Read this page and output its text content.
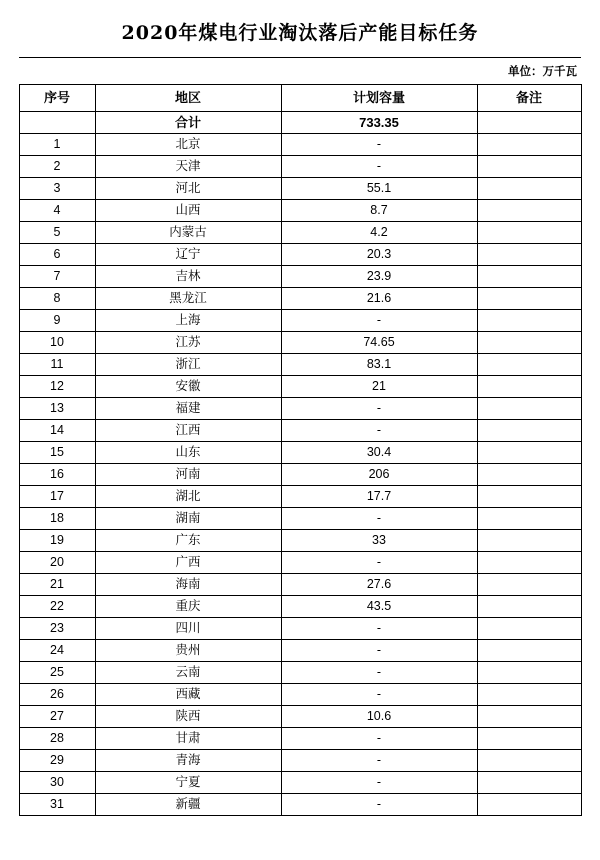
2020年煤电行业淘汰落后产能目标任务
单位：万千瓦
序号	地区	计划容量	备注
	合计	733.35	
1	北京	-	
2	天津	-	
3	河北	55.1	
4	山西	8.7	
5	内蒙古	4.2	
6	辽宁	20.3	
7	吉林	23.9	
8	黑龙江	21.6	
9	上海	-	
10	江苏	74.65	
11	浙江	83.1	
12	安徽	21	
13	福建	-	
14	江西	-	
15	山东	30.4	
16	河南	206	
17	湖北	17.7	
18	湖南	-	
19	广东	33	
20	广西	-	
21	海南	27.6	
22	重庆	43.5	
23	四川	-	
24	贵州	-	
25	云南	-	
26	西藏	-	
27	陕西	10.6	
28	甘肃	-	
29	青海	-	
30	宁夏	-	
31	新疆	-	
